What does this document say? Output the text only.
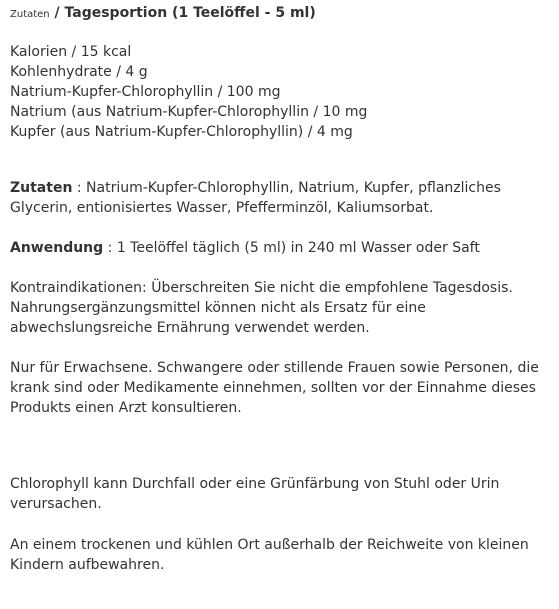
Zutaten / Tagesportion (1 Teelöffel - 5 ml)
Kalorien / 15 kcal
Kohlenhydrate / 4 g
Natrium-Kupfer-Chlorophyllin / 100 mg
Natrium (aus Natrium-Kupfer-Chlorophyllin / 10 mg
Kupfer (aus Natrium-Kupfer-Chlorophyllin) / 4 mg
Zutaten : Natrium-Kupfer-Chlorophyllin, Natrium, Kupfer, pflanzliches
Glycerin, entionisiertes Wasser, Pfefferminzöl, Kaliumsorbat.
Anwendung : 1 Teelöffel täglich (5 ml) in 240 ml Wasser oder Saft
Kontraindikationen: Überschreiten Sie nicht die empfohlene Tagesdosis.
Nahrungsergänzungsmittel können nicht als Ersatz für eine
abwechslungsreiche Ernährung verwendet werden.
Nur für Erwachsene. Schwangere oder stillende Frauen sowie Personen, die
krank sind oder Medikamente einnehmen, sollten vor der Einnahme dieses
Produkts einen Arzt konsultieren.
Chlorophyll kann Durchfall oder eine Grünfärbung von Stuhl oder Urin
verursachen.
An einem trockenen und kühlen Ort außerhalb der Reichweite von kleinen
Kindern aufbewahren.
